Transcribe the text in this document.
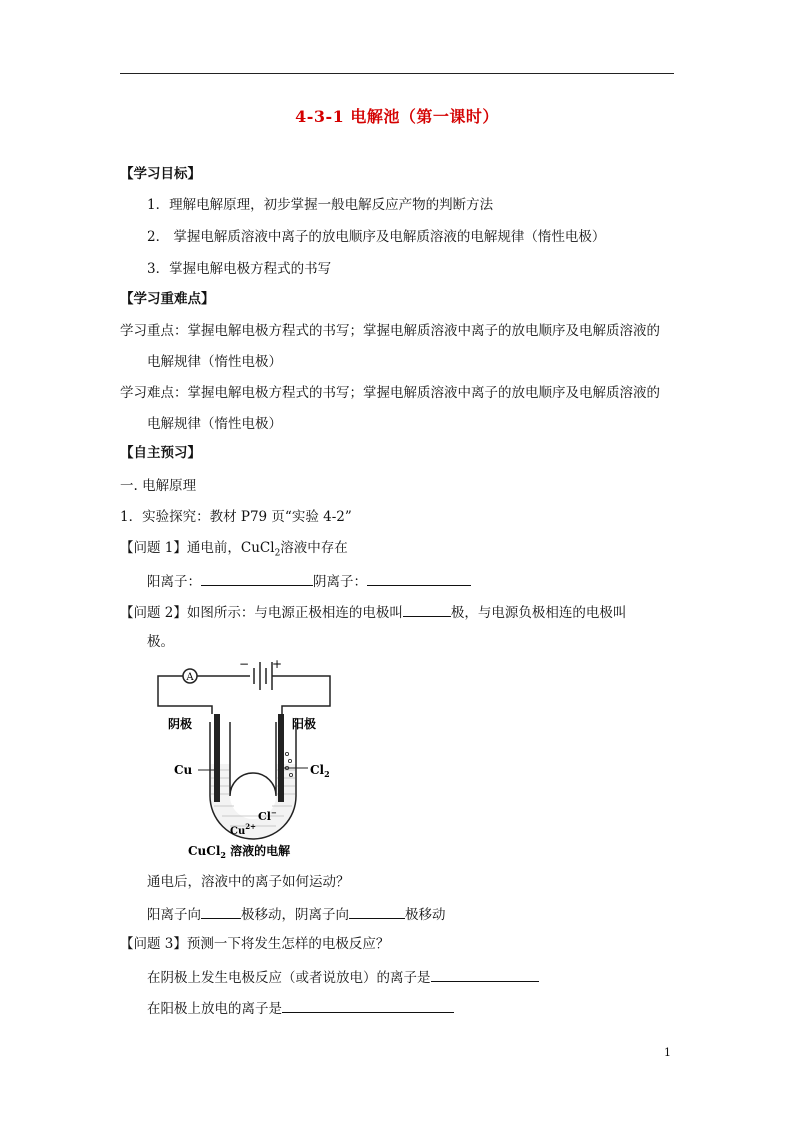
4-3-1 电解池（第一课时）
【学习目标】
1．理解电解原理，初步掌握一般电解反应产物的判断方法
2． 掌握电解质溶液中离子的放电顺序及电解质溶液的电解规律（惰性电极）
3．掌握电解电极方程式的书写
【学习重难点】
学习重点：掌握电解电极方程式的书写；掌握电解质溶液中离子的放电顺序及电解质溶液的
电解规律（惰性电极）
学习难点：掌握电解电极方程式的书写；掌握电解质溶液中离子的放电顺序及电解质溶液的
电解规律（惰性电极）
【自主预习】
一. 电解原理
1．实验探究：教材 P79 页“实验 4-2”
【问题 1】通电前，CuCl$_2$溶液中存在
阳离子：	阴离子：
【问题 2】如图所示：与电源正极相连的电极叫	极，与电源负极相连的电极叫
极。
A
− +
阴极	阳极
Cu	$Cl_2$
Cl−
$Cu^{2+}$
CuCl$_2$ 溶液的电解
通电后，溶液中的离子如何运动？
阳离子向	极移动，阴离子向	极移动
【问题 3】预测一下将发生怎样的电极反应？
在阴极上发生电极反应（或者说放电）的离子是
在阳极上放电的离子是
1
